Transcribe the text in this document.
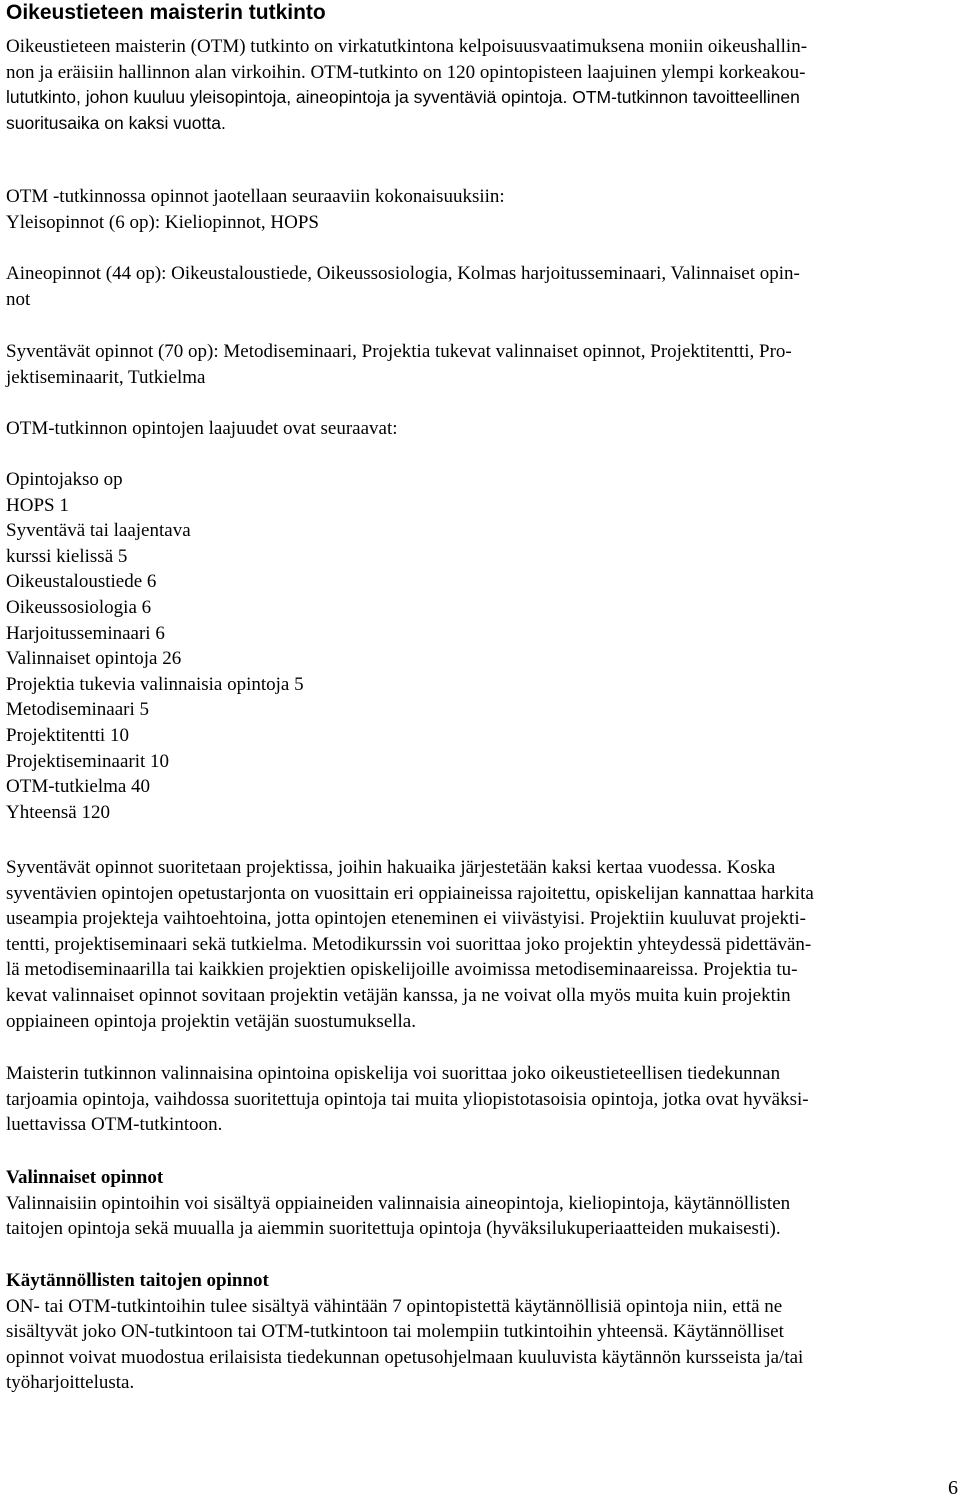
Oikeustieteen maisterin tutkinto

Oikeustieteen maisterin (OTM) tutkinto on virkatutkintona kelpoisuusvaatimuksena moniin oikeushallin-
non ja eräisiin hallinnon alan virkoihin. OTM-tutkinto on 120 opintopisteen laajuinen ylempi korkeakou-
lututkinto, johon kuuluu yleisopintoja, aineopintoja ja syventäviä opintoja. OTM-tutkinnon tavoitteellinen
suoritusaika on kaksi vuotta.

OTM -tutkinnossa opinnot jaotellaan seuraaviin kokonaisuuksiin:
Yleisopinnot (6 op): Kieliopinnot, HOPS

Aineopinnot (44 op): Oikeustaloustiede, Oikeussosiologia, Kolmas harjoitusseminaari, Valinnaiset opin-
not

Syventävät opinnot (70 op): Metodiseminaari, Projektia tukevat valinnaiset opinnot, Projektitentti, Pro-
jektiseminaarit, Tutkielma

OTM-tutkinnon opintojen laajuudet ovat seuraavat:

Opintojakso op
HOPS 1
Syventävä tai laajentava
kurssi kielissä 5
Oikeustaloustiede 6
Oikeussosiologia 6
Harjoitusseminaari 6
Valinnaiset opintoja 26
Projektia tukevia valinnaisia opintoja 5
Metodiseminaari 5
Projektitentti 10
Projektiseminaarit 10
OTM-tutkielma 40
Yhteensä 120

Syventävät opinnot suoritetaan projektissa, joihin hakuaika järjestetään kaksi kertaa vuodessa. Koska
syventävien opintojen opetustarjonta on vuosittain eri oppiaineissa rajoitettu, opiskelijan kannattaa harkita
useampia projekteja vaihtoehtoina, jotta opintojen eteneminen ei viivästyisi. Projektiin kuuluvat projekti-
tentti, projektiseminaari sekä tutkielma. Metodikurssin voi suorittaa joko projektin yhteydessä pidettävän-
lä metodiseminaarilla tai kaikkien projektien opiskelijoille avoimissa metodiseminaareissa. Projektia tu-
kevat valinnaiset opinnot sovitaan projektin vetäjän kanssa, ja ne voivat olla myös muita kuin projektin
oppiaineen opintoja projektin vetäjän suostumuksella.

Maisterin tutkinnon valinnaisina opintoina opiskelija voi suorittaa joko oikeustieteellisen tiedekunnan
tarjoamia opintoja, vaihdossa suoritettuja opintoja tai muita yliopistotasoisia opintoja, jotka ovat hyväksi-
luettavissa OTM-tutkintoon.

Valinnaiset opinnot
Valinnaisiin opintoihin voi sisältyä oppiaineiden valinnaisia aineopintoja, kieliopintoja, käytännöllisten
taitojen opintoja sekä muualla ja aiemmin suoritettuja opintoja (hyväksilukuperiaatteiden mukaisesti).
Käytännöllisten taitojen opinnot
ON- tai OTM-tutkintoihin tulee sisältyä vähintään 7 opintopistettä käytännöllisiä opintoja niin, että ne
sisältyvät joko ON-tutkintoon tai OTM-tutkintoon tai molempiin tutkintoihin yhteensä. Käytännölliset
opinnot voivat muodostua erilaisista tiedekunnan opetusohjelmaan kuuluvista käytännön kursseista ja/tai
työharjoittelusta.
6
